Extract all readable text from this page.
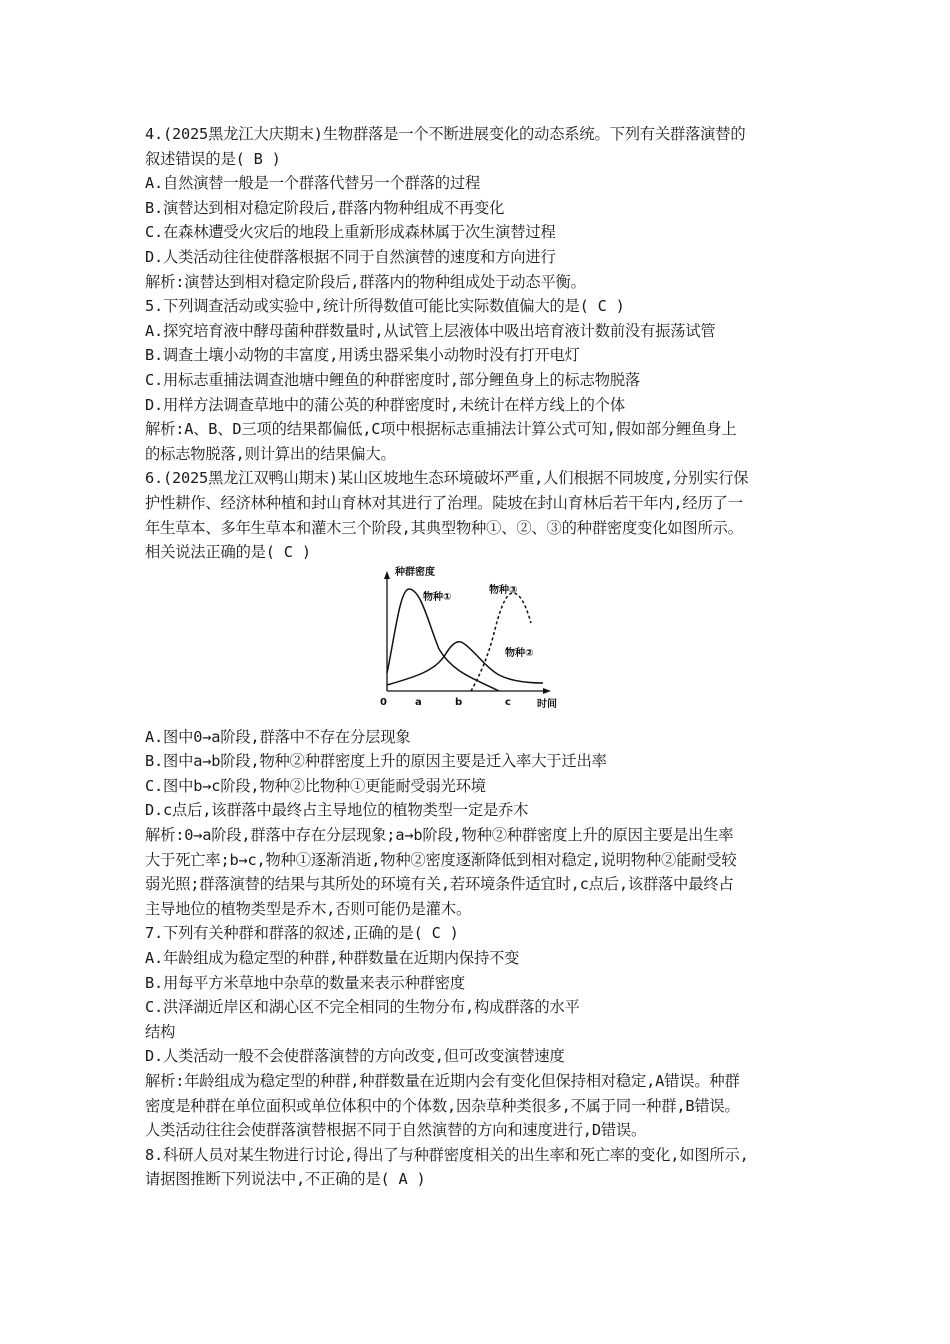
4.(2025黑龙江大庆期末)生物群落是一个不断进展变化的动态系统。下列有关群落演替的
叙述错误的是( B )
A.自然演替一般是一个群落代替另一个群落的过程
B.演替达到相对稳定阶段后,群落内物种组成不再变化
C.在森林遭受火灾后的地段上重新形成森林属于次生演替过程
D.人类活动往往使群落根据不同于自然演替的速度和方向进行
解析:演替达到相对稳定阶段后,群落内的物种组成处于动态平衡。
5.下列调查活动或实验中,统计所得数值可能比实际数值偏大的是( C )
A.探究培育液中酵母菌种群数量时,从试管上层液体中吸出培育液计数前没有振荡试管
B.调查土壤小动物的丰富度,用诱虫器采集小动物时没有打开电灯
C.用标志重捕法调查池塘中鲤鱼的种群密度时,部分鲤鱼身上的标志物脱落
D.用样方法调查草地中的蒲公英的种群密度时,未统计在样方线上的个体
解析:A、B、D三项的结果都偏低,C项中根据标志重捕法计算公式可知,假如部分鲤鱼身上
的标志物脱落,则计算出的结果偏大。
6.(2025黑龙江双鸭山期末)某山区坡地生态环境破坏严重,人们根据不同坡度,分别实行保
护性耕作、经济林种植和封山育林对其进行了治理。陡坡在封山育林后若干年内,经历了一
年生草本、多年生草本和灌木三个阶段,其典型物种①、②、③的种群密度变化如图所示。
相关说法正确的是( C )
种群密度
时间
0	a	b	c
物种①
物种③
物种②
A.图中0→a阶段,群落中不存在分层现象
B.图中a→b阶段,物种②种群密度上升的原因主要是迁入率大于迁出率
C.图中b→c阶段,物种②比物种①更能耐受弱光环境
D.c点后,该群落中最终占主导地位的植物类型一定是乔木
解析:0→a阶段,群落中存在分层现象;a→b阶段,物种②种群密度上升的原因主要是出生率
大于死亡率;b→c,物种①逐渐消逝,物种②密度逐渐降低到相对稳定,说明物种②能耐受较
弱光照;群落演替的结果与其所处的环境有关,若环境条件适宜时,c点后,该群落中最终占
主导地位的植物类型是乔木,否则可能仍是灌木。
7.下列有关种群和群落的叙述,正确的是( C )
A.年龄组成为稳定型的种群,种群数量在近期内保持不变
B.用每平方米草地中杂草的数量来表示种群密度
C.洪泽湖近岸区和湖心区不完全相同的生物分布,构成群落的水平
结构
D.人类活动一般不会使群落演替的方向改变,但可改变演替速度
解析:年龄组成为稳定型的种群,种群数量在近期内会有变化但保持相对稳定,A错误。种群
密度是种群在单位面积或单位体积中的个体数,因杂草种类很多,不属于同一种群,B错误。
人类活动往往会使群落演替根据不同于自然演替的方向和速度进行,D错误。
8.科研人员对某生物进行讨论,得出了与种群密度相关的出生率和死亡率的变化,如图所示,
请据图推断下列说法中,不正确的是( A )
